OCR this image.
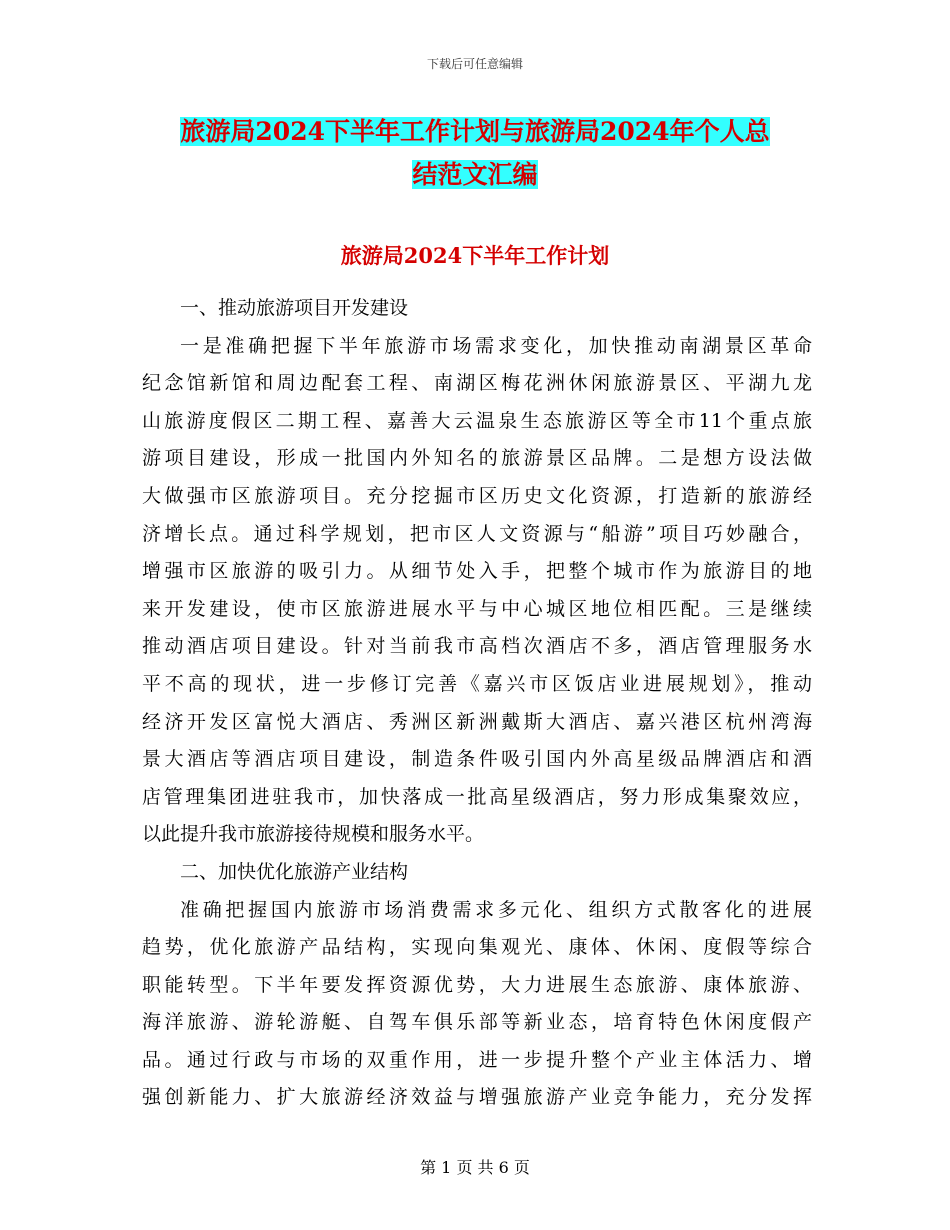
下载后可任意编辑
旅游局2024下半年工作计划与旅游局2024年个人总
结范文汇编
旅游局2024下半年工作计划
一、推动旅游项目开发建设
一是准确把握下半年旅游市场需求变化，加快推动南湖景区革命
纪念馆新馆和周边配套工程、南湖区梅花洲休闲旅游景区、平湖九龙
山旅游度假区二期工程、嘉善大云温泉生态旅游区等全市11个重点旅
游项目建设，形成一批国内外知名的旅游景区品牌。二是想方设法做
大做强市区旅游项目。充分挖掘市区历史文化资源，打造新的旅游经
济增长点。通过科学规划，把市区人文资源与“船游”项目巧妙融合，
增强市区旅游的吸引力。从细节处入手，把整个城市作为旅游目的地
来开发建设，使市区旅游进展水平与中心城区地位相匹配。三是继续
推动酒店项目建设。针对当前我市高档次酒店不多，酒店管理服务水
平不高的现状，进一步修订完善《嘉兴市区饭店业进展规划》，推动
经济开发区富悦大酒店、秀洲区新洲戴斯大酒店、嘉兴港区杭州湾海
景大酒店等酒店项目建设，制造条件吸引国内外高星级品牌酒店和酒
店管理集团进驻我市，加快落成一批高星级酒店，努力形成集聚效应，
以此提升我市旅游接待规模和服务水平。
二、加快优化旅游产业结构
准确把握国内旅游市场消费需求多元化、组织方式散客化的进展
趋势，优化旅游产品结构，实现向集观光、康体、休闲、度假等综合
职能转型。下半年要发挥资源优势，大力进展生态旅游、康体旅游、
海洋旅游、游轮游艇、自驾车俱乐部等新业态，培育特色休闲度假产
品。通过行政与市场的双重作用，进一步提升整个产业主体活力、增
强创新能力、扩大旅游经济效益与增强旅游产业竞争能力，充分发挥
第 1 页 共 6 页
